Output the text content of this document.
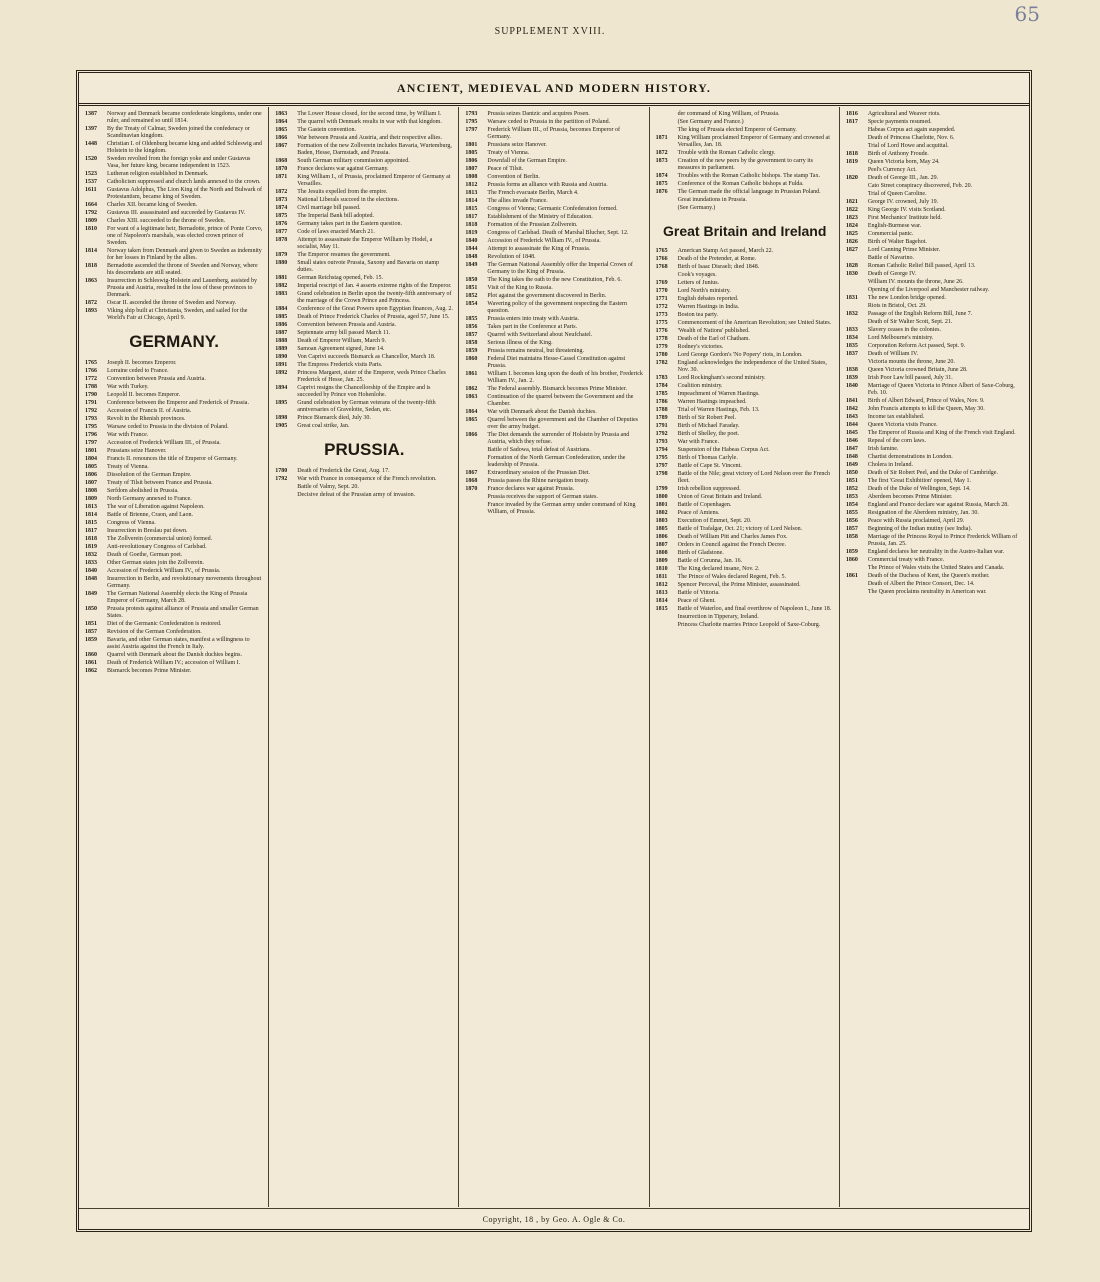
65
SUPPLEMENT XVIII.
ANCIENT, MEDIEVAL AND MODERN HISTORY.
1387	Norway and Denmark became confederate kingdoms, under one ruler, and remained so until 1814.
1397	By the Treaty of Calmar, Sweden joined the confederacy or Scandinavian kingdom.
1448	Christian I. of Oldenburg became king and added Schleswig and Holstein to the kingdom.
1520	Sweden revolted from the foreign yoke and under Gustavus Vasa, her future king, became independent in 1523.
1523	Lutheran religion established in Denmark.
1537	Catholicism suppressed and church lands annexed to the crown.
1611	Gustavus Adolphus, The Lion King of the North and Bulwark of Protestantism, became king of Sweden.
1664	Charles XII. became king of Sweden.
1792	Gustavus III. assassinated and succeeded by Gustavus IV.
1809	Charles XIII. succeeded to the throne of Sweden.
1810	For want of a legitimate heir, Bernadotte, prince of Ponte Corvo, one of Napoleon's marshals, was elected crown prince of Sweden.
1814	Norway taken from Denmark and given to Sweden as indemnity for her losses in Finland by the allies.
1818	Bernadotte ascended the throne of Sweden and Norway, where his descendants are still seated.
1863	Insurrection in Schleswig-Holstein and Lauenberg, assisted by Prussia and Austria, resulted in the loss of these provinces to Denmark.
1872	Oscar II. ascended the throne of Sweden and Norway.
1893	Viking ship built at Christiania, Sweden, and sailed for the World's Fair at Chicago, April 9.
GERMANY.
1765	Joseph II. becomes Emperor.
1766	Lorraine ceded to France.
1772	Convention between Prussia and Austria.
1788	War with Turkey.
1790	Leopold II. becomes Emperor.
1791	Conference between the Emperor and Frederick of Prussia.
1792	Accession of Francis II. of Austria.
1793	Revolt in the Rhenish provinces.
1795	Warsaw ceded to Prussia in the division of Poland.
1796	War with France.
1797	Accession of Frederick William III., of Prussia.
1801	Prussians seize Hanover.
1804	Francis II. renounces the title of Emperor of Germany.
1805	Treaty of Vienna.
1806	Dissolution of the German Empire.
1807	Treaty of Tilsit between France and Prussia.
1808	Serfdom abolished in Prussia.
1809	North Germany annexed to France.
1813	The war of Liberation against Napoleon.
1814	Battle of Brienne, Craon, and Laon.
1815	Congress of Vienna.
1817	Insurrection in Breslau put down.
1818	The Zollverein (commercial union) formed.
1819	Anti-revolutionary Congress of Carlsbad.
1832	Death of Goethe, German poet.
1833	Other German states join the Zollverein.
1840	Accession of Frederick William IV., of Prussia.
1848	Insurrection in Berlin, and revolutionary movements throughout Germany.
1849	The German National Assembly elects the King of Prussia Emperor of Germany, March 28.
1850	Prussia protests against alliance of Prussia and smaller German States.
1851	Diet of the Germanic Confederation is restored.
1857	Revision of the German Confederation.
1859	Bavaria, and other German states, manifest a willingness to assist Austria against the French in Italy.
1860	Quarrel with Denmark about the Danish duchies begins.
1861	Death of Frederick William IV.; accession of William I.
1862	Bismarck becomes Prime Minister.
1863	The Lower House closed, for the second time, by William I.
1864	The quarrel with Denmark results in war with that kingdom.
1865	The Gastein convention.
1866	War between Prussia and Austria, and their respective allies.
1867	Formation of the new Zollverein includes Bavaria, Wurtemburg, Baden, Hesse, Darmstadt, and Prussia.
1868	South German military commission appointed.
1870	France declares war against Germany.
1871	King William I., of Prussia, proclaimed Emperor of Germany at Versailles.
1872	The Jesuits expelled from the empire.
1873	National Liberals succeed in the elections.
1874	Civil marriage bill passed.
1875	The Imperial Bank bill adopted.
1876	Germany takes part in the Eastern question.
1877	Code of laws enacted March 21.
1878	Attempt to assassinate the Emperor William by Hodel, a socialist, May 11.
1879	The Emperor resumes the government.
1880	Small states outvote Prussia, Saxony and Bavaria on stamp duties.
1881	German Reichstag opened, Feb. 15.
1882	Imperial rescript of Jan. 4 asserts extreme rights of the Emperor.
1883	Grand celebration in Berlin upon the twenty-fifth anniversary of the marriage of the Crown Prince and Princess.
1884	Conference of the Great Powers upon Egyptian finances, Aug. 2.
1885	Death of Prince Frederick Charles of Prussia, aged 57, June 15.
1886	Convention between Prussia and Austria.
1887	Septennate army bill passed March 11.
1888	Death of Emperor William, March 9.
1889	Samoan Agreement signed, June 14.
1890	Von Caprivi succeeds Bismarck as Chancellor, March 18.
1891	The Empress Frederick visits Paris.
1892	Princess Margaret, sister of the Emperor, weds Prince Charles Frederick of Hesse, Jan. 25.
1894	Caprivi resigns the Chancellorship of the Empire and is succeeded by Prince von Hohenlohe.
1895	Grand celebration by German veterans of the twenty-fifth anniversaries of Gravelotte, Sedan, etc.
1898	Prince Bismarck died, July 30.
1905	Great coal strike, Jan.
PRUSSIA.
1780	Death of Frederick the Great, Aug. 17.
1792	War with France in consequence of the French revolution.
Battle of Valmy, Sept. 20.
Decisive defeat of the Prussian army of invasion.
1793	Prussia seizes Dantzic and acquires Posen.
1795	Warsaw ceded to Prussia in the partition of Poland.
1797	Frederick William III., of Prussia, becomes Emperor of Germany.
1801	Prussians seize Hanover.
1805	Treaty of Vienna.
1806	Downfall of the German Empire.
1807	Peace of Tilsit.
1808	Convention of Berlin.
1812	Prussia forms an alliance with Russia and Austria.
1813	The French evacuate Berlin, March 4.
1814	The allies invade France.
1815	Congress of Vienna; Germanic Confederation formed.
1817	Establishment of the Ministry of Education.
1818	Formation of the Prussian Zollverein.
1819	Congress of Carlsbad. Death of Marshal Blucher, Sept. 12.
1840	Accession of Frederick William IV., of Prussia.
1844	Attempt to assassinate the King of Prussia.
1848	Revolution of 1848.
1849	The German National Assembly offer the Imperial Crown of Germany to the King of Prussia.
1850	The King takes the oath to the new Constitution, Feb. 6.
1851	Visit of the King to Russia.
1852	Plot against the government discovered in Berlin.
1854	Wavering policy of the government respecting the Eastern question.
1855	Prussia enters into treaty with Austria.
1856	Takes part in the Conference at Paris.
1857	Quarrel with Switzerland about Neufchatel.
1858	Serious illness of the King.
1859	Prussia remains neutral, but threatening.
1860	Federal Diet maintains Hesse-Cassel Constitution against Prussia.
1861	William I. becomes king upon the death of his brother, Frederick William IV., Jan. 2.
1862	The Federal assembly. Bismarck becomes Prime Minister.
1863	Continuation of the quarrel between the Government and the Chamber.
1864	War with Denmark about the Danish duchies.
1865	Quarrel between the government and the Chamber of Deputies over the army budget.
1866	The Diet demands the surrender of Holstein by Prussia and Austria, which they refuse.
Battle of Sadowa, total defeat of Austrians.
Formation of the North German Confederation, under the leadership of Prussia.
1867	Extraordinary session of the Prussian Diet.
1868	Prussia passes the Rhine navigation treaty.
1870	France declares war against Prussia.
Prussia receives the support of German states.
France invaded by the German army under command of King William, of Prussia.
der command of King William, of Prussia.
(See Germany and France.)
The king of Prussia elected Emperor of Germany.
1871	King William proclaimed Emperor of Germany and crowned at Versailles, Jan. 18.
1872	Trouble with the Roman Catholic clergy.
1873	Creation of the new peers by the government to carry its measures in parliament.
1874	Troubles with the Roman Catholic bishops. The stamp Tax.
1875	Conference of the Roman Catholic bishops at Fulda.
1876	The German made the official language in Prussian Poland.
Great inundations in Prussia.
(See Germany.)
Great Britain and Ireland
1765	American Stamp Act passed, March 22.
1766	Death of the Pretender, at Rome.
1768	Birth of Isaac Disraeli; died 1848.
Cook's voyages.
1769	Letters of Junius.
1770	Lord North's ministry.
1771	English debates reported.
1772	Warren Hastings in India.
1773	Boston tea party.
1775	Commencement of the American Revolution; see United States.
1776	'Wealth of Nations' published.
1778	Death of the Earl of Chatham.
1779	Rodney's victories.
1780	Lord George Gordon's 'No Popery' riots, in London.
1782	England acknowledges the independence of the United States, Nov. 30.
1783	Lord Rockingham's second ministry.
1784	Coalition ministry.
1785	Impeachment of Warren Hastings.
1786	Warren Hastings impeached.
1788	Trial of Warren Hastings, Feb. 13.
1789	Birth of Sir Robert Peel.
1791	Birth of Michael Faraday.
1792	Birth of Shelley, the poet.
1793	War with France.
1794	Suspension of the Habeas Corpus Act.
1795	Birth of Thomas Carlyle.
1797	Battle of Cape St. Vincent.
1798	Battle of the Nile; great victory of Lord Nelson over the French fleet.
1799	Irish rebellion suppressed.
1800	Union of Great Britain and Ireland.
1801	Battle of Copenhagen.
1802	Peace of Amiens.
1803	Execution of Emmet, Sept. 20.
1805	Battle of Trafalgar, Oct. 21; victory of Lord Nelson.
1806	Death of William Pitt and Charles James Fox.
1807	Orders in Council against the French Decree.
1808	Birth of Gladstone.
1809	Battle of Corunna, Jan. 16.
1810	The King declared insane, Nov. 2.
1811	The Prince of Wales declared Regent, Feb. 5.
1812	Spencer Perceval, the Prime Minister, assassinated.
1813	Battle of Vittoria.
1814	Peace of Ghent.
1815	Battle of Waterloo, and final overthrow of Napoleon I., June 18.
Insurrection in Tipperary, Ireland.
Princess Charlotte marries Prince Leopold of Saxe-Coburg.
1816	Agricultural and Weaver riots.
1817	Specie payments resumed.
Habeas Corpus act again suspended.
Death of Princess Charlotte, Nov. 6.
Trial of Lord Howe and acquittal.
1818	Birth of Anthony Froude.
1819	Queen Victoria born, May 24.
Peel's Currency Act.
1820	Death of George III., Jan. 29.
Cato Street conspiracy discovered, Feb. 20.
Trial of Queen Caroline.
1821	George IV. crowned, July 19.
1822	King George IV. visits Scotland.
1823	First Mechanics' Institute held.
1824	English-Burmese war.
1825	Commercial panic.
1826	Birth of Walter Bagehot.
1827	Lord Canning Prime Minister.
Battle of Navarino.
1828	Roman Catholic Relief Bill passed, April 13.
1830	Death of George IV.
William IV. mounts the throne, June 26.
Opening of the Liverpool and Manchester railway.
1831	The new London bridge opened.
Riots in Bristol, Oct. 29.
1832	Passage of the English Reform Bill, June 7.
Death of Sir Walter Scott, Sept. 21.
1833	Slavery ceases in the colonies.
1834	Lord Melbourne's ministry.
1835	Corporation Reform Act passed, Sept. 9.
1837	Death of William IV.
Victoria mounts the throne, June 20.
1838	Queen Victoria crowned Britain, June 28.
1839	Irish Poor Law bill passed, July 31.
1840	Marriage of Queen Victoria to Prince Albert of Saxe-Coburg, Feb. 10.
1841	Birth of Albert Edward, Prince of Wales, Nov. 9.
1842	John Francis attempts to kill the Queen, May 30.
1843	Income tax established.
1844	Queen Victoria visits France.
1845	The Emperor of Russia and King of the French visit England.
1846	Repeal of the corn laws.
1847	Irish famine.
1848	Chartist demonstrations in London.
1849	Cholera in Ireland.
1850	Death of Sir Robert Peel, and the Duke of Cambridge.
1851	The first 'Great Exhibition' opened, May 1.
1852	Death of the Duke of Wellington, Sept. 14.
1853	Aberdeen becomes Prime Minister.
1854	England and France declare war against Russia, March 28.
1855	Resignation of the Aberdeen ministry, Jan. 30.
1856	Peace with Russia proclaimed, April 29.
1857	Beginning of the Indian mutiny (see India).
1858	Marriage of the Princess Royal to Prince Frederick William of Prussia, Jan. 25.
1859	England declares her neutrality in the Austro-Italian war.
1860	Commercial treaty with France.
The Prince of Wales visits the United States and Canada.
1861	Death of the Duchess of Kent, the Queen's mother.
Death of Albert the Prince Consort, Dec. 14.
The Queen proclaims neutrality in American war.
Copyright, 18 , by Geo. A. Ogle & Co.
